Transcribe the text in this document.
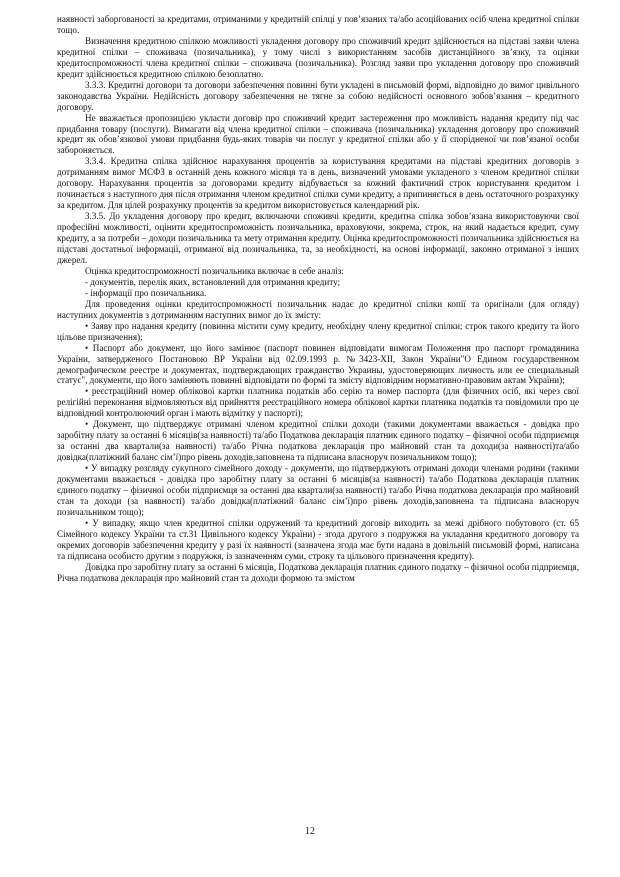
наявності заборгованості за кредитами, отриманими у кредитній спілці у пов’язаних та/або асоційованих осіб члена кредитної спілки тощо.

Визначення кредитною спілкою можливості укладення договору про споживчий кредит здійснюється на підставі заяви члена кредитної спілки – споживача (позичальника), у тому числі з використанням засобів дистанційного зв’язку, та оцінки кредитоспроможності члена кредитної спілки – споживача (позичальника). Розгляд заяви про укладення договору про споживчий кредит здійснюється кредитною спілкою безоплатно.

3.3.3. Кредитні договори та договори забезпечення повинні бути укладені в письмовій формі, відповідно до вимог цивільного законодавства України. Недійсність договору забезпечення не тягне за собою недійсності основного зобов’язання – кредитного договору.

Не вважається пропозицією укласти договір про споживчий кредит застереження про можливість надання кредиту під час придбання товару (послуги). Вимагати від члена кредитної спілки – споживача (позичальника) укладення договору про споживчий кредит як обов’язкової умови придбання будь-яких товарів чи послуг у кредитної спілки або у її спорідненої чи пов’язаної особи забороняється.

3.3.4. Кредитна спілка здійснює нарахування процентів за користування кредитами на підставі кредитних договорів з дотриманням вимог МСФЗ в останній день кожного місяця та в день, визначений умовами укладеного з членом кредитної спілки договору. Нарахування процентів за договорами кредиту відбувається за кожний фактичний строк користування кредитом і починається з наступного дня після отримання членом кредитної спілки суми кредиту, а припиняється в день остаточного розрахунку за кредитом. Для цілей розрахунку процентів за кредитом використовується календарний рік.

3.3.5. До укладення договору про кредит, включаючи споживчі кредити, кредитна спілка зобов’язана використовуючи свої професійні можливості, оцінити кредитоспроможність позичальника, враховуючи, зокрема, строк, на який надається кредит, суму кредиту, а за потреби – доходи позичальника та мету отримання кредиту. Оцінка кредитоспроможності позичальника здійснюється на підставі достатньої інформації, отриманої від позичальника, та, за необхідності, на основі інформації, законно отриманої з інших джерел.

Оцінка кредитоспроможності позичальника включає в себе аналіз:

- документів, перелік яких, встановлений для отримання кредиту;

- інформації про позичальника.

Для проведення оцінки кредитоспроможності позичальник надає до кредитної спілки копії та оригінали (для огляду) наступних документів з дотриманням наступних вимог до їх змісту:

• Заяву про надання кредиту (повинна містити суму кредиту, необхідну члену кредитної спілки; строк такого кредиту та його цільове призначення);

• Паспорт або документ, що його замінює (паспорт повинен відповідати вимогам Положення про паспорт громадянина України, затвердженого Постановою ВР України від 02.09.1993 р. №3423-XII, Закон України"О Едином государственном демографическом реестре и документах, подтверждающих гражданство Украины, удостоверяющих личность или ее специальный статус", документи, що його заміняють повинні відповідати по формі та змісту відповідним нормативно-правовим актам України);

• реєстраційний номер облікової картки платника податків або серію та номер паспорта (для фізичних осіб, які через свої релігійні переконання відмовляються від прийняття реєстраційного номера облікової картки платника податків та повідомили про це відповідний контролюючий орган і мають відмітку у паспорті);

• Документ, що підтверджує отримані членом кредитної спілки доходи (такими документами вважається - довідка про заробітну плату за останні 6 місяців(за наявності) та/або Податкова декларація платник єдиного податку – фізичної особи підприємця за останні два квартали(за наявності) та/або Річна податкова декларація про майновий стан та доходи(за наявності)та/або довідка(платіжний баланс сім’ї)про рівень доходів,заповнена та підписана власноруч позичальником тощо);

• У випадку розгляду сукупного сімейного доходу - документи, що підтверджують отримані доходи членами родини (такими документами вважається - довідка про заробітну плату за останні 6 місяців(за наявності) та/або Податкова декларація платник єдиного податку – фізичної особи підприємця за останні два квартали(за наявності) та/або Річна податкова декларація про майновий стан та доходи (за наявності) та/або довідка(платіжний баланс сім’ї)про рівень доходів,заповнена та підписана власноруч позичальником тощо);

• У випадку, якщо член кредитної спілки одружений та кредитний договір виходить за межі дрібного побутового (ст. 65 Сімейного кодексу України та ст.31 Цивільного кодексу України) - згода другого з подружжя на укладання кредитного договору та окремих договорів забезпечення кредиту у разі їх наявності (зазначена згода має бути надана в довільній письмовій формі, написана та підписана особисто другим з подружжя, із зазначенням суми, строку та цільового призначення кредиту).

Довідка про заробітну плату за останні 6 місяців, Податкова декларація платник єдиного податку – фізичної особи підприємця, Річна податкова декларація про майновий стан та доходи формою та змістом

12
